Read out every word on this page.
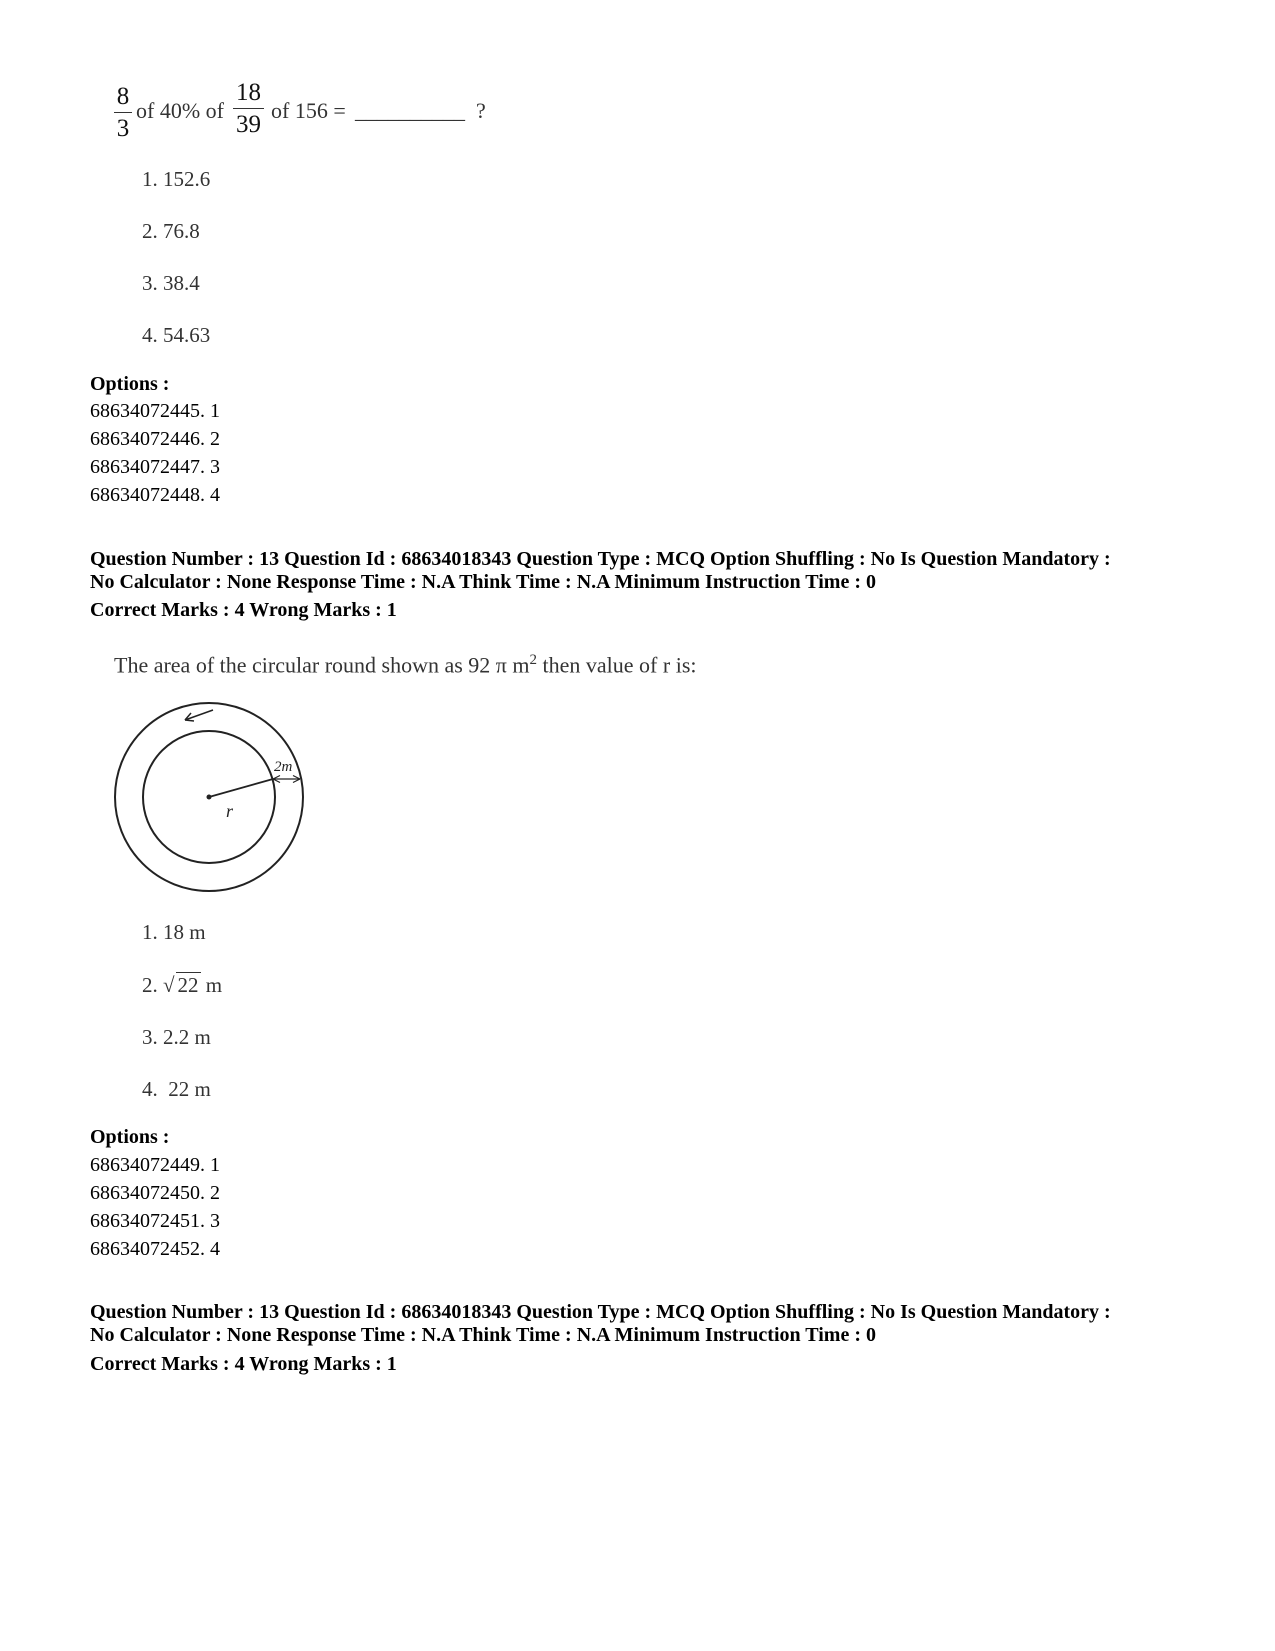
8
3
of 40% of
18
39
of 156 = __________ ?
1. 152.6
2. 76.8
3. 38.4
4. 54.63
Options :
68634072445. 1
68634072446. 2
68634072447. 3
68634072448. 4
Question Number : 13 Question Id : 68634018343 Question Type : MCQ Option Shuffling : No Is Question Mandatory :
No Calculator : None Response Time : N.A Think Time : N.A Minimum Instruction Time : 0
Correct Marks : 4 Wrong Marks : 1
The area of the circular round shown as 92 π $m^2$ then value of r is:
2m
r
1. 18 m
2. √ 22 m
3. 2.2 m
4.  22 m
Options :
68634072449. 1
68634072450. 2
68634072451. 3
68634072452. 4
Question Number : 13 Question Id : 68634018343 Question Type : MCQ Option Shuffling : No Is Question Mandatory :
No Calculator : None Response Time : N.A Think Time : N.A Minimum Instruction Time : 0
Correct Marks : 4 Wrong Marks : 1
